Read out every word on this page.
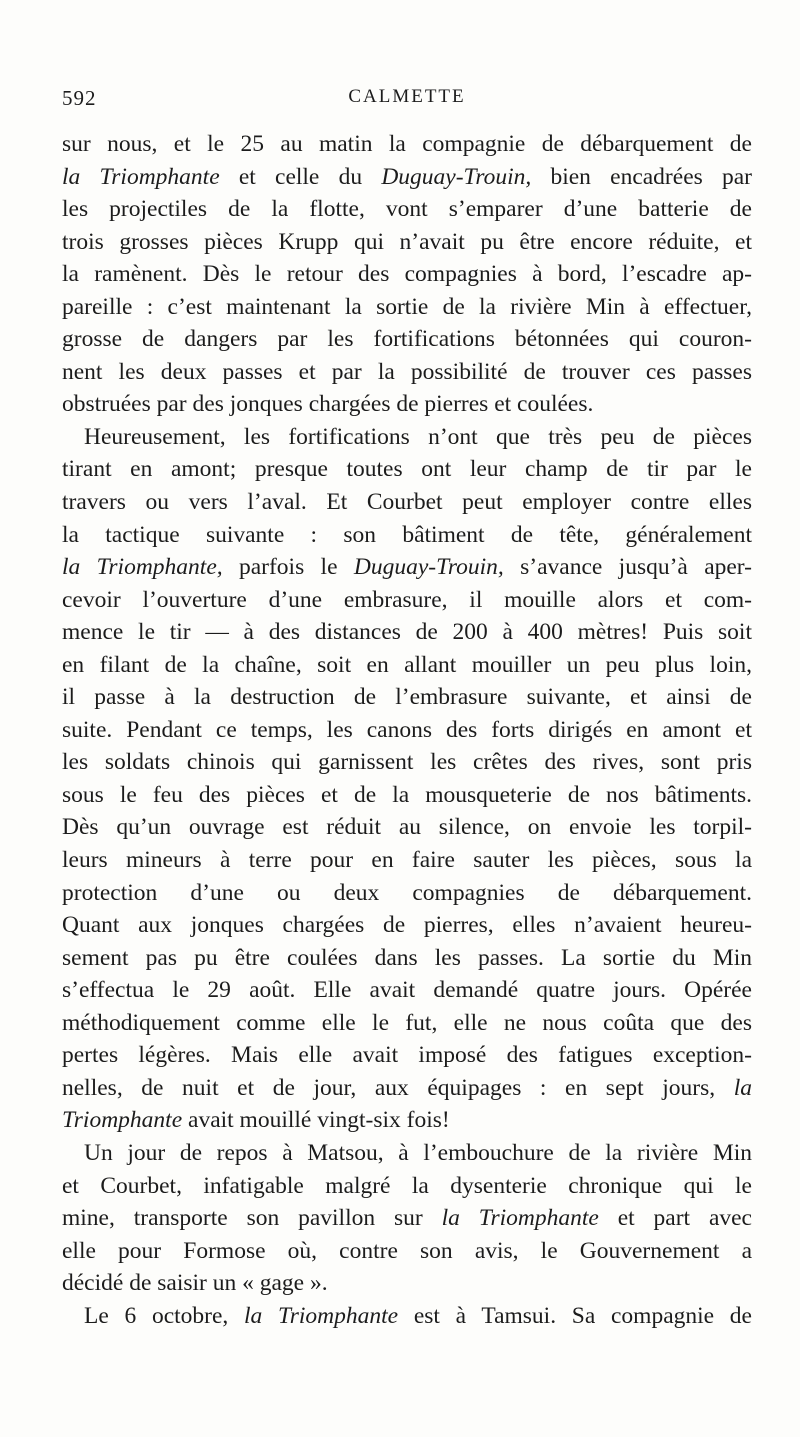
592	CALMETTE
sur nous, et le 25 au matin la compagnie de débarquement de
la Triomphante et celle du Duguay-Trouin, bien encadrées par
les projectiles de la flotte, vont s’emparer d’une batterie de
trois grosses pièces Krupp qui n’avait pu être encore réduite, et
la ramènent. Dès le retour des compagnies à bord, l’escadre ap-
pareille : c’est maintenant la sortie de la rivière Min à effectuer,
grosse de dangers par les fortifications bétonnées qui couron-
nent les deux passes et par la possibilité de trouver ces passes
obstruées par des jonques chargées de pierres et coulées.
Heureusement, les fortifications n’ont que très peu de pièces
tirant en amont; presque toutes ont leur champ de tir par le
travers ou vers l’aval. Et Courbet peut employer contre elles
la tactique suivante : son bâtiment de tête, généralement
la Triomphante, parfois le Duguay-Trouin, s’avance jusqu’à aper-
cevoir l’ouverture d’une embrasure, il mouille alors et com-
mence le tir — à des distances de 200 à 400 mètres! Puis soit
en filant de la chaîne, soit en allant mouiller un peu plus loin,
il passe à la destruction de l’embrasure suivante, et ainsi de
suite. Pendant ce temps, les canons des forts dirigés en amont et
les soldats chinois qui garnissent les crêtes des rives, sont pris
sous le feu des pièces et de la mousqueterie de nos bâtiments.
Dès qu’un ouvrage est réduit au silence, on envoie les torpil-
leurs mineurs à terre pour en faire sauter les pièces, sous la
protection d’une ou deux compagnies de débarquement.
Quant aux jonques chargées de pierres, elles n’avaient heureu-
sement pas pu être coulées dans les passes. La sortie du Min
s’effectua le 29 août. Elle avait demandé quatre jours. Opérée
méthodiquement comme elle le fut, elle ne nous coûta que des
pertes légères. Mais elle avait imposé des fatigues exception-
nelles, de nuit et de jour, aux équipages : en sept jours, la
Triomphante avait mouillé vingt-six fois!
Un jour de repos à Matsou, à l’embouchure de la rivière Min
et Courbet, infatigable malgré la dysenterie chronique qui le
mine, transporte son pavillon sur la Triomphante et part avec
elle pour Formose où, contre son avis, le Gouvernement a
décidé de saisir un « gage ».
Le 6 octobre, la Triomphante est à Tamsui. Sa compagnie de
